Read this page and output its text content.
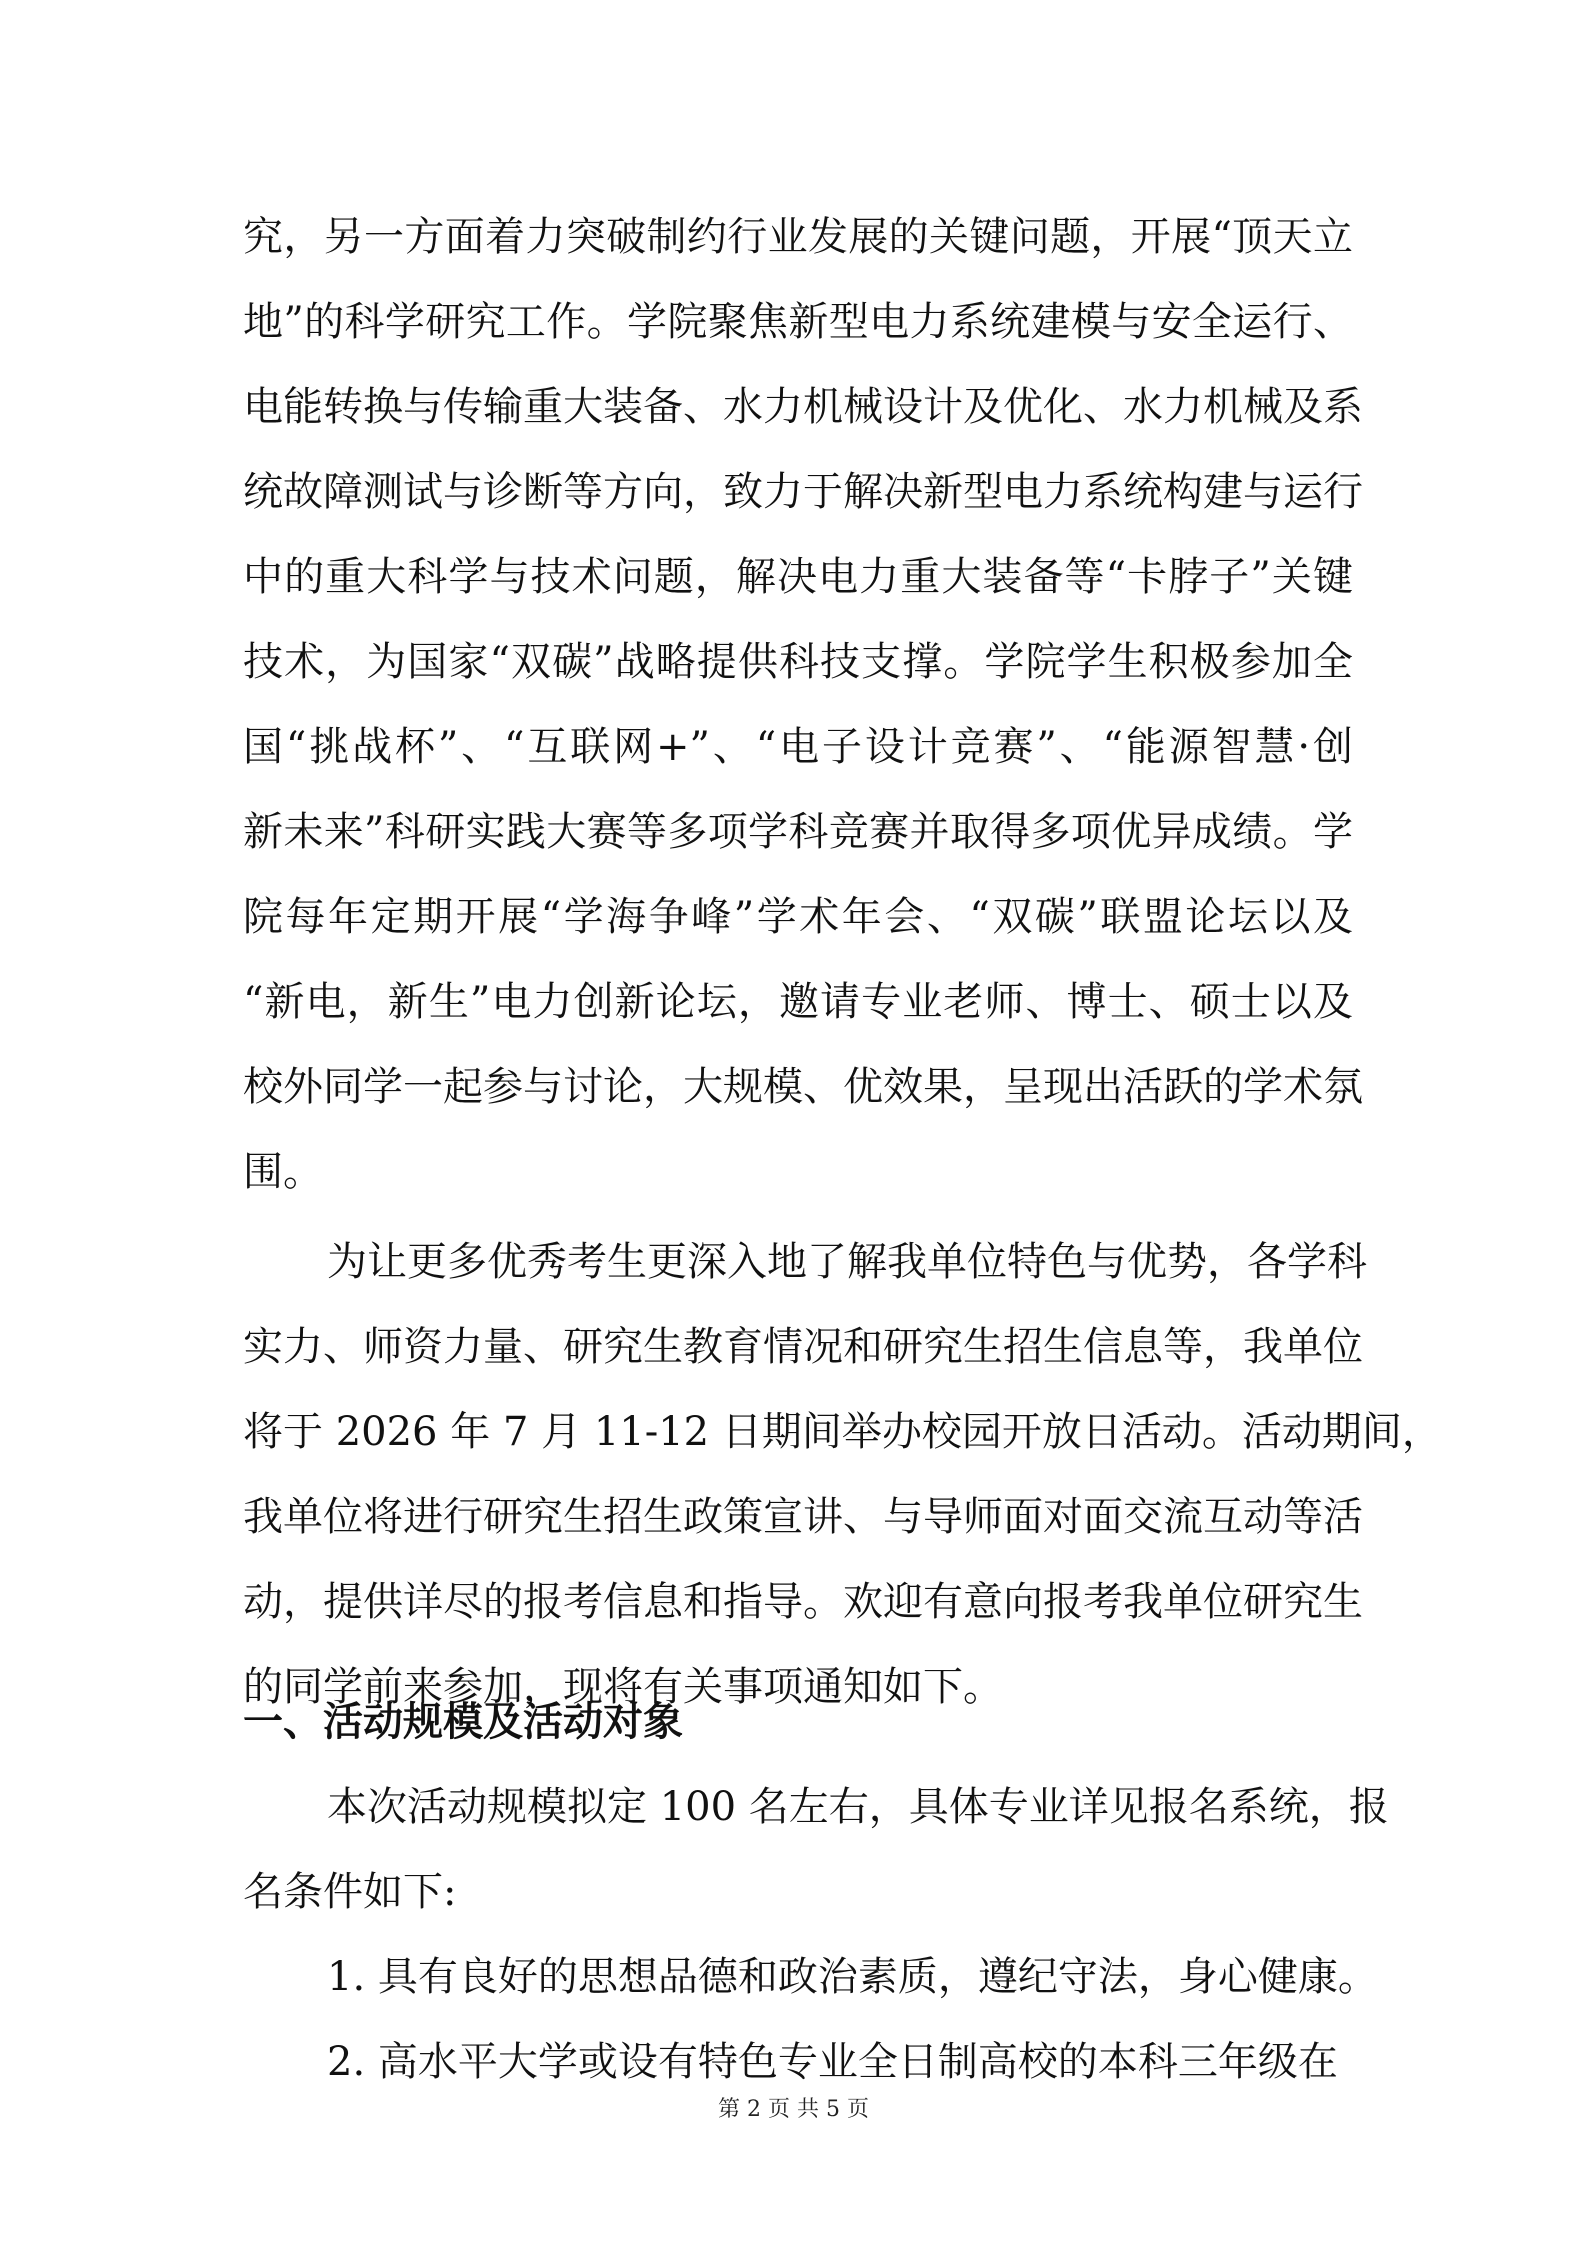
究，另一方面着力突破制约行业发展的关键问题，开展“顶天立
地”的科学研究工作。学院聚焦新型电力系统建模与安全运行、
电能转换与传输重大装备、水力机械设计及优化、水力机械及系
统故障测试与诊断等方向，致力于解决新型电力系统构建与运行
中的重大科学与技术问题，解决电力重大装备等“卡脖子”关键
技术，为国家“双碳”战略提供科技支撑。学院学生积极参加全
国“挑战杯”、“互联网+”、“电子设计竞赛”、“能源智慧·创
新未来”科研实践大赛等多项学科竞赛并取得多项优异成绩。学
院每年定期开展“学海争峰”学术年会、“双碳”联盟论坛以及
“新电，新生”电力创新论坛，邀请专业老师、博士、硕士以及
校外同学一起参与讨论，大规模、优效果，呈现出活跃的学术氛
围。
为让更多优秀考生更深入地了解我单位特色与优势，各学科
实力、师资力量、研究生教育情况和研究生招生信息等，我单位
将于 2026 年 7 月 11-12 日期间举办校园开放日活动。活动期间，
我单位将进行研究生招生政策宣讲、与导师面对面交流互动等活
动，提供详尽的报考信息和指导。欢迎有意向报考我单位研究生
的同学前来参加，现将有关事项通知如下。
一、活动规模及活动对象
本次活动规模拟定 100 名左右，具体专业详见报名系统，报
名条件如下:
1. 具有良好的思想品德和政治素质，遵纪守法，身心健康。
2. 高水平大学或设有特色专业全日制高校的本科三年级在
第 2 页 共 5 页
